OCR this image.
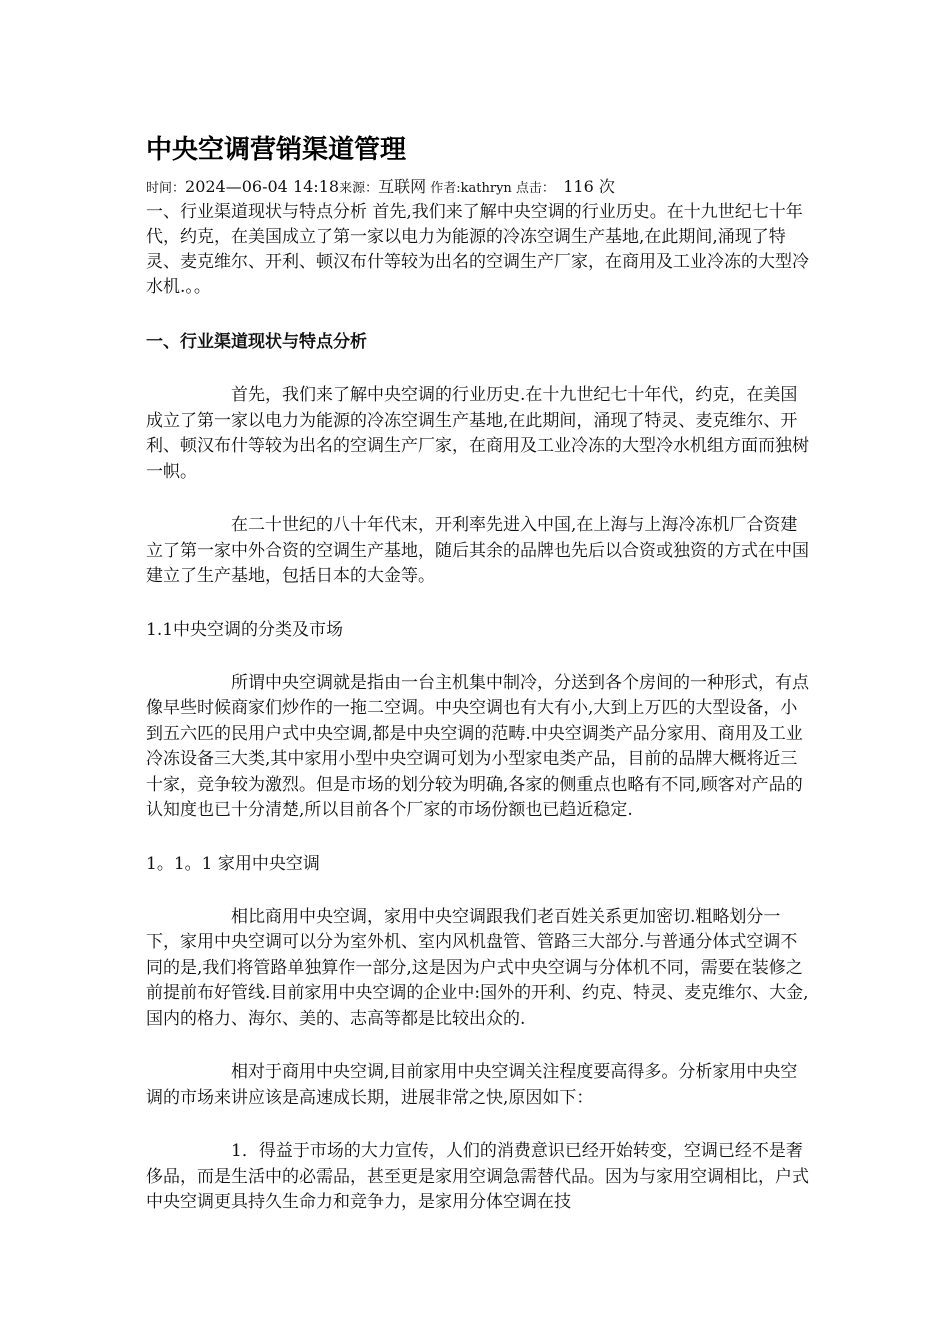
中央空调营销渠道管理
时间：2024—06-04 14:18来源：互联网 作者:kathryn 点击： 116 次

一、行业渠道现状与特点分析 首先,我们来了解中央空调的行业历史。在十九世纪七十年代，约克，在美国成立了第一家以电力为能源的冷冻空调生产基地,在此期间,涌现了特灵、麦克维尔、开利、顿汉布什等较为出名的空调生产厂家，在商用及工业冷冻的大型冷水机.。。

一、行业渠道现状与特点分析

首先，我们来了解中央空调的行业历史.在十九世纪七十年代，约克，在美国成立了第一家以电力为能源的冷冻空调生产基地,在此期间，涌现了特灵、麦克维尔、开利、顿汉布什等较为出名的空调生产厂家，在商用及工业冷冻的大型冷水机组方面而独树一帜。

在二十世纪的八十年代末，开利率先进入中国,在上海与上海冷冻机厂合资建立了第一家中外合资的空调生产基地，随后其余的品牌也先后以合资或独资的方式在中国建立了生产基地，包括日本的大金等。

1.1中央空调的分类及市场

所谓中央空调就是指由一台主机集中制冷，分送到各个房间的一种形式，有点像早些时候商家们炒作的一拖二空调。中央空调也有大有小,大到上万匹的大型设备，小到五六匹的民用户式中央空调,都是中央空调的范畴.中央空调类产品分家用、商用及工业冷冻设备三大类,其中家用小型中央空调可划为小型家电类产品，目前的品牌大概将近三十家，竞争较为激烈。但是市场的划分较为明确,各家的侧重点也略有不同,顾客对产品的认知度也已十分清楚,所以目前各个厂家的市场份额也已趋近稳定.

1。1。1 家用中央空调

相比商用中央空调，家用中央空调跟我们老百姓关系更加密切.粗略划分一下，家用中央空调可以分为室外机、室内风机盘管、管路三大部分.与普通分体式空调不同的是,我们将管路单独算作一部分,这是因为户式中央空调与分体机不同，需要在装修之前提前布好管线.目前家用中央空调的企业中:国外的开利、约克、特灵、麦克维尔、大金,国内的格力、海尔、美的、志高等都是比较出众的.

相对于商用中央空调,目前家用中央空调关注程度要高得多。分析家用中央空调的市场来讲应该是高速成长期，进展非常之快,原因如下：

1．得益于市场的大力宣传，人们的消费意识已经开始转变，空调已经不是奢侈品，而是生活中的必需品，甚至更是家用空调急需替代品。因为与家用空调相比，户式中央空调更具持久生命力和竞争力，是家用分体空调在技
